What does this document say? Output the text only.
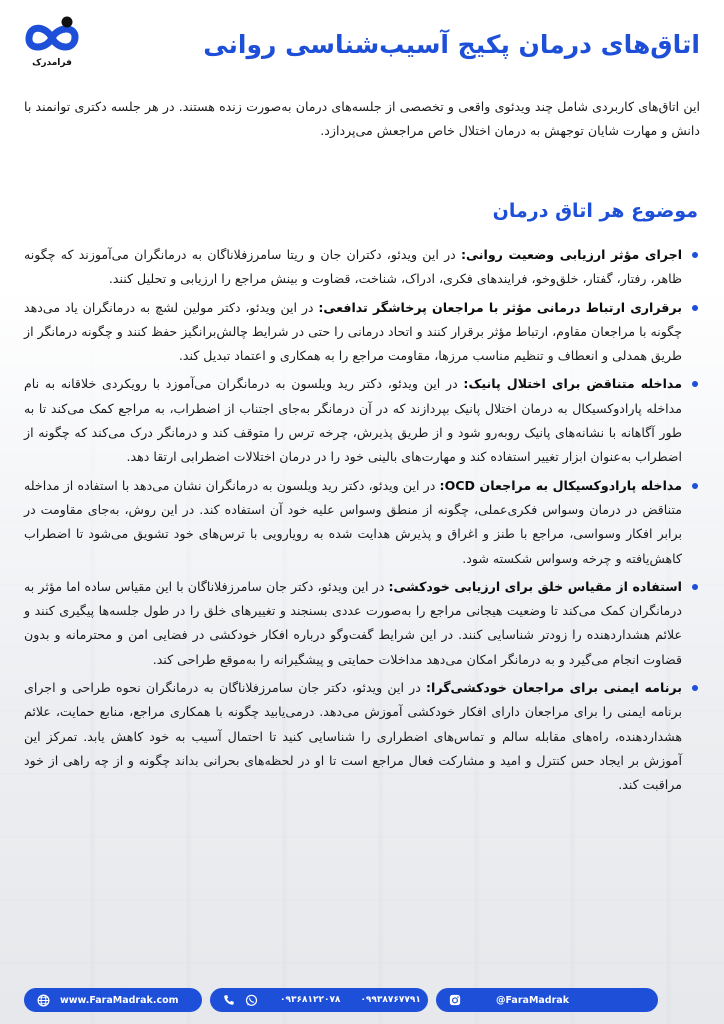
فرامدرک
اتاق‌های درمان پکیج آسیب‌شناسی روانی

این اتاق‌های کاربردی شامل چند ویدئوی واقعی و تخصصی از جلسه‌های درمان به‌صورت زنده هستند. در هر جلسه دکتری توانمند با دانش و مهارت شایان توجهش به درمان اختلال خاص مراجعش می‌پردازد.

موضوع هر اتاق درمان
اجرای مؤثر ارزیابی وضعیت روانی: در این ویدئو، دکتران جان و ریتا سامرزفلاناگان به درمانگران می‌آموزند که چگونه ظاهر، رفتار، گفتار، خلق‌وخو، فرایندهای فکری، ادراک، شناخت، قضاوت و بینش مراجع را ارزیابی و تحلیل کنند.
برقراری ارتباط درمانی مؤثر با مراجعان پرخاشگر تدافعی: در این ویدئو، دکتر مولین لشچ به درمانگران یاد می‌دهد چگونه با مراجعان مقاوم، ارتباط مؤثر برقرار کنند و اتحاد درمانی را حتی در شرایط چالش‌برانگیز حفظ کنند و چگونه درمانگر از طریق همدلی و انعطاف و تنظیم مناسب مرزها، مقاومت مراجع را به همکاری و اعتماد تبدیل کند.
مداخله متناقض برای اختلال پانیک: در این ویدئو، دکتر رید ویلسون به درمانگران می‌آموزد با رویکردی خلاقانه به نام مداخله پارادوکسیکال به درمان اختلال پانیک بپردازند که در آن درمانگر به‌جای اجتناب از اضطراب، به مراجع کمک می‌کند تا به طور آگاهانه با نشانه‌های پانیک روبه‌رو شود و از طریق پذیرش، چرخه ترس را متوقف کند و درمانگر درک می‌کند که چگونه از اضطراب به‌عنوان ابزار تغییر استفاده کند و مهارت‌های بالینی خود را در درمان اختلالات اضطرابی ارتقا دهد.
مداخله پارادوکسیکال به مراجعان OCD: در این ویدئو، دکتر رید ویلسون به درمانگران نشان می‌دهد با استفاده از مداخله متناقض در درمان وسواس فکری‌عملی، چگونه از منطق وسواس علیه خود آن استفاده کند. در این روش، به‌جای مقاومت در برابر افکار وسواسی، مراجع با طنز و اغراق و پذیرش هدایت شده به رویارویی با ترس‌های خود تشویق می‌شود تا اضطراب کاهش‌یافته و چرخه وسواس شکسته شود.
استفاده از مقیاس خلق برای ارزیابی خودکشی: در این ویدئو، دکتر جان سامرزفلاناگان با این مقیاس ساده اما مؤثر به درمانگران کمک می‌کند تا وضعیت هیجانی مراجع را به‌صورت عددی بسنجند و تغییرهای خلق را در طول جلسه‌ها پیگیری کنند و علائم هشداردهنده را زودتر شناسایی کنند. در این شرایط گفت‌وگو درباره افکار خودکشی در فضایی امن و محترمانه و بدون قضاوت انجام می‌گیرد و به درمانگر امکان می‌دهد مداخلات حمایتی و پیشگیرانه را به‌موقع طراحی کند.
برنامه ایمنی برای مراجعان خودکشی‌گرا: در این ویدئو، دکتر جان سامرزفلاناگان به درمانگران نحوه طراحی و اجرای برنامه ایمنی را برای مراجعان دارای افکار خودکشی آموزش می‌دهد. درمی‌یابید چگونه با همکاری مراجع، منابع حمایت، علائم هشداردهنده، راه‌های مقابله سالم و تماس‌های اضطراری را شناسایی کنید تا احتمال آسیب به خود کاهش یابد. تمرکز این آموزش بر ایجاد حس کنترل و امید و مشارکت فعال مراجع است تا او در لحظه‌های بحرانی بداند چگونه و از چه راهی از خود مراقبت کند.
www.FaraMadrak.com	۰۹۳۶۸۱۲۲۰۷۸ ۰۹۹۳۸۷۶۷۷۹۱	@FaraMadrak
